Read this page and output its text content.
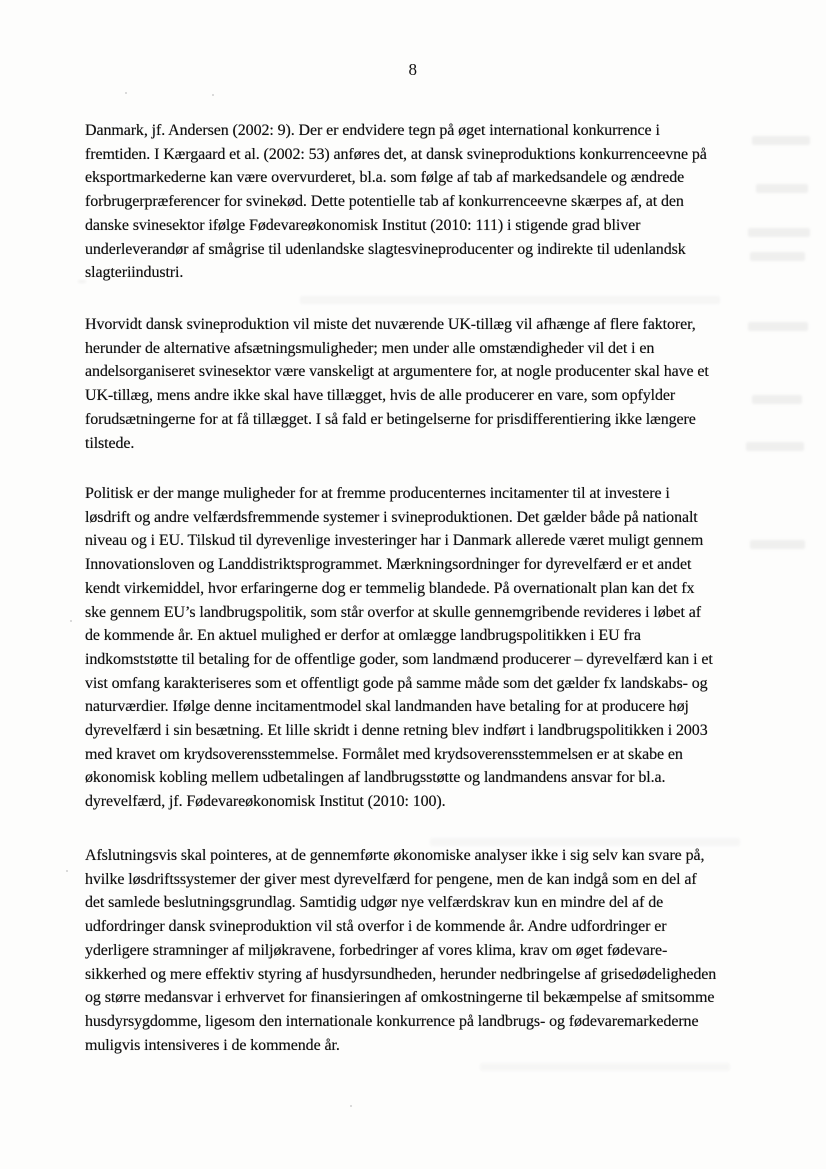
8
Danmark, jf. Andersen (2002: 9). Der er endvidere tegn på øget international konkurrence i
fremtiden. I Kærgaard et al. (2002: 53) anføres det, at dansk svineproduktions konkurrenceevne på
eksportmarkederne kan være overvurderet, bl.a. som følge af tab af markedsandele og ændrede
forbrugerpræferencer for svinekød. Dette potentielle tab af konkurrenceevne skærpes af, at den
danske svinesektor ifølge Fødevareøkonomisk Institut (2010: 111) i stigende grad bliver
underleverandør af smågrise til udenlandske slagtesvineproducenter og indirekte til udenlandsk
slagteriindustri.
Hvorvidt dansk svineproduktion vil miste det nuværende UK-tillæg vil afhænge af flere faktorer,
herunder de alternative afsætningsmuligheder; men under alle omstændigheder vil det i en
andelsorganiseret svinesektor være vanskeligt at argumentere for, at nogle producenter skal have et
UK-tillæg, mens andre ikke skal have tillægget, hvis de alle producerer en vare, som opfylder
forudsætningerne for at få tillægget. I så fald er betingelserne for prisdifferentiering ikke længere
tilstede.
Politisk er der mange muligheder for at fremme producenternes incitamenter til at investere i
løsdrift og andre velfærdsfremmende systemer i svineproduktionen. Det gælder både på nationalt
niveau og i EU. Tilskud til dyrevenlige investeringer har i Danmark allerede været muligt gennem
Innovationsloven og Landdistriktsprogrammet. Mærkningsordninger for dyrevelfærd er et andet
kendt virkemiddel, hvor erfaringerne dog er temmelig blandede. På overnationalt plan kan det fx
ske gennem EU’s landbrugspolitik, som står overfor at skulle gennemgribende revideres i løbet af
de kommende år. En aktuel mulighed er derfor at omlægge landbrugspolitikken i EU fra
indkomststøtte til betaling for de offentlige goder, som landmænd producerer – dyrevelfærd kan i et
vist omfang karakteriseres som et offentligt gode på samme måde som det gælder fx landskabs- og
naturværdier. Ifølge denne incitamentmodel skal landmanden have betaling for at producere høj
dyrevelfærd i sin besætning. Et lille skridt i denne retning blev indført i landbrugspolitikken i 2003
med kravet om krydsoverensstemmelse. Formålet med krydsoverensstemmelsen er at skabe en
økonomisk kobling mellem udbetalingen af landbrugsstøtte og landmandens ansvar for bl.a.
dyrevelfærd, jf. Fødevareøkonomisk Institut (2010: 100).
Afslutningsvis skal pointeres, at de gennemførte økonomiske analyser ikke i sig selv kan svare på,
hvilke løsdriftssystemer der giver mest dyrevelfærd for pengene, men de kan indgå som en del af
det samlede beslutningsgrundlag. Samtidig udgør nye velfærdskrav kun en mindre del af de
udfordringer dansk svineproduktion vil stå overfor i de kommende år. Andre udfordringer er
yderligere stramninger af miljøkravene, forbedringer af vores klima, krav om øget fødevare-
sikkerhed og mere effektiv styring af husdyrsundheden, herunder nedbringelse af grisedødeligheden
og større medansvar i erhvervet for finansieringen af omkostningerne til bekæmpelse af smitsomme
husdyrsygdomme, ligesom den internationale konkurrence på landbrugs- og fødevaremarkederne
muligvis intensiveres i de kommende år.
